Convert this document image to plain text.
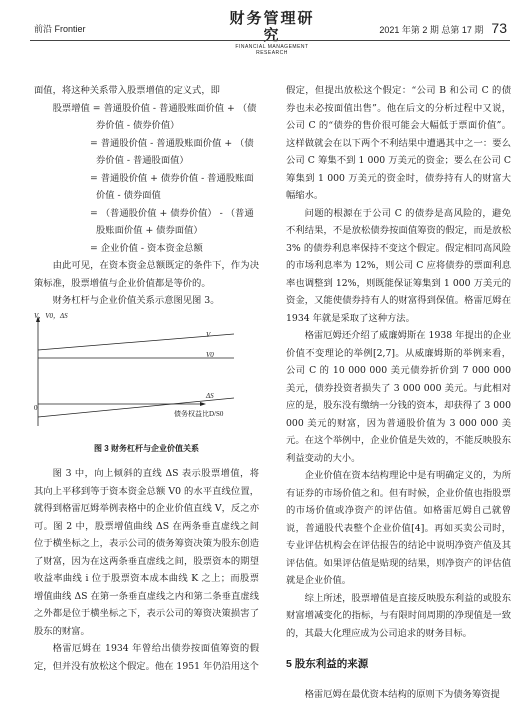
前沿 Frontier
财务管理研究
FINANCIAL MANAGEMENT RESEARCH
2021 年第 2 期 总第 17 期 73

面值，将这种关系带入股票增值的定义式，即

股票增值 = 普通股价值 - 普通股账面价值 + （债

券价值 - 债券价值）

= 普通股价值 - 普通股账面价值 + （债

券价值 - 普通股面值）

= 普通股价值 + 债券价值 - 普通股账面

价值 - 债券面值

= （普通股价值 + 债券价值） - （普通

股账面价值 + 债券面值）

= 企业价值 - 资本资金总额

由此可见，在资本资金总额既定的条件下，作为决策标准，股票增值与企业价值都是等价的。

财务杠杆与企业价值关系示意图见图 3。

V，V0，ΔS
V
V0
ΔS
0
债务权益比D/S0
图 3 财务杠杆与企业价值关系

图 3 中，向上倾斜的直线 ΔS 表示股票增值，将其向上平移到等于资本资金总额 V0 的水平直线位置，就得到格雷厄姆举例表格中的企业价值直线 V，反之亦可。图 2 中，股票增值曲线 ΔS 在两条垂直虚线之间位于横坐标之上，表示公司的债务筹资决策为股东创造了财富，因为在这两条垂直虚线之间，股票资本的期望收益率曲线 i 位于股票资本成本曲线 K 之上；而股票增值曲线 ΔS 在第一条垂直虚线之内和第二条垂直虚线之外都是位于横坐标之下，表示公司的筹资决策损害了股东的财富。

格雷厄姆在 1934 年曾给出债券按面值筹资的假定，但并没有放松这个假定。他在 1951 年仍沿用这个

假定，但提出放松这个假定：“公司 B 和公司 C 的债券也未必按面值出售”。他在后文的分析过程中又说，公司 C 的“债券的售价很可能会大幅低于票面价值”。这样做就会在以下两个不利结果中遭遇其中之一：要么公司 C 筹集不到 1 000 万美元的资金；要么在公司 C 筹集到 1 000 万美元的资金时，债券持有人的财富大幅缩水。

问题的根源在于公司 C 的债券是高风险的，避免不利结果，不是放松债券按面值筹资的假定，而是放松 3% 的债券利息率保持不变这个假定。假定相同高风险的市场利息率为 12%，则公司 C 应将债券的票面利息率也调整到 12%，则既能保证筹集到 1 000 万美元的资金，又能使债券持有人的财富得到保值。格雷厄姆在 1934 年就是采取了这种方法。

格雷厄姆还介绍了威廉姆斯在 1938 年提出的企业价值不变理论的举例[2,7]。从威廉姆斯的举例来看，公司 C 的 10 000 000 美元债券折价到 7 000 000 美元，债券投资者损失了 3 000 000 美元。与此相对应的是，股东没有缴纳一分钱的资本，却获得了 3 000 000 美元的财富，因为普通股价值为 3 000 000 美元。在这个举例中，企业价值是失效的，不能反映股东利益变动的大小。

企业价值在资本结构理论中是有明确定义的，为所有证券的市场价值之和。但有时候，企业价值也指股票的市场价值或净资产的评估值。如格雷厄姆自己就曾说，普通股代表整个企业价值[4]。再如买卖公司时，专业评估机构会在评估报告的结论中说明净资产值及其评估值。如果评估值是贴现的结果，则净资产的评估值就是企业价值。

综上所述，股票增值是直接反映股东利益的或股东财富增减变化的指标，与有限时间周期的净现值是一致的，其最大化理应成为公司追求的财务目标。

5 股东利益的来源

格雷厄姆在最优资本结构的原则下为债务筹资提
